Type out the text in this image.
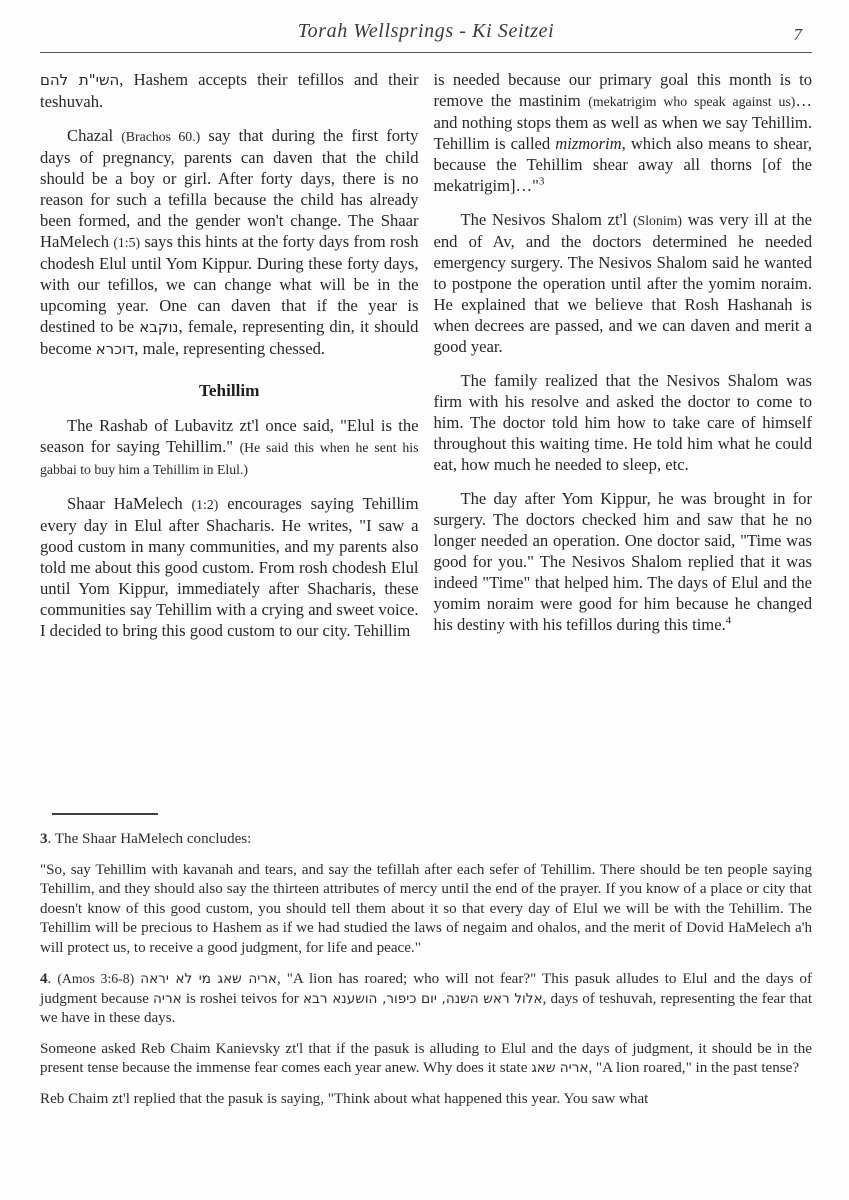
Torah Wellsprings - Ki Seitzei	7

השי"ת להם, Hashem accepts their tefillos and their teshuvah.

Chazal (Brachos 60.) say that during the first forty days of pregnancy, parents can daven that the child should be a boy or girl. After forty days, there is no reason for such a tefilla because the child has already been formed, and the gender won't change. The Shaar HaMelech (1:5) says this hints at the forty days from rosh chodesh Elul until Yom Kippur. During these forty days, with our tefillos, we can change what will be in the upcoming year. One can daven that if the year is destined to be נוקבא, female, representing din, it should become דוכרא, male, representing chessed.

Tehillim

The Rashab of Lubavitz zt'l once said, "Elul is the season for saying Tehillim." (He said this when he sent his gabbai to buy him a Tehillim in Elul.)

Shaar HaMelech (1:2) encourages saying Tehillim every day in Elul after Shacharis. He writes, "I saw a good custom in many communities, and my parents also told me about this good custom. From rosh chodesh Elul until Yom Kippur, immediately after Shacharis, these communities say Tehillim with a crying and sweet voice. I decided to bring this good custom to our city. Tehillim

is needed because our primary goal this month is to remove the mastinim (mekatrigim who speak against us)… and nothing stops them as well as when we say Tehillim. Tehillim is called mizmorim, which also means to shear, because the Tehillim shear away all thorns [of the mekatrigim]…"$^3$

The Nesivos Shalom zt'l (Slonim) was very ill at the end of Av, and the doctors determined he needed emergency surgery. The Nesivos Shalom said he wanted to postpone the operation until after the yomim noraim. He explained that we believe that Rosh Hashanah is when decrees are passed, and we can daven and merit a good year.

The family realized that the Nesivos Shalom was firm with his resolve and asked the doctor to come to him. The doctor told him how to take care of himself throughout this waiting time. He told him what he could eat, how much he needed to sleep, etc.

The day after Yom Kippur, he was brought in for surgery. The doctors checked him and saw that he no longer needed an operation. One doctor said, "Time was good for you." The Nesivos Shalom replied that it was indeed "Time" that helped him. The days of Elul and the yomim noraim were good for him because he changed his destiny with his tefillos during this time.$^4$

3. The Shaar HaMelech concludes:

"So, say Tehillim with kavanah and tears, and say the tefillah after each sefer of Tehillim. There should be ten people saying Tehillim, and they should also say the thirteen attributes of mercy until the end of the prayer. If you know of a place or city that doesn't know of this good custom, you should tell them about it so that every day of Elul we will be with the Tehillim. The Tehillim will be precious to Hashem as if we had studied the laws of negaim and ohalos, and the merit of Dovid HaMelech a'h will protect us, to receive a good judgment, for life and peace."

4. (Amos 3:6-8) אריה שאג מי לא יראה, "A lion has roared; who will not fear?" This pasuk alludes to Elul and the days of judgment because אריה is roshei teivos for אלול ראש השנה, יום כיפור, הושענא רבא, days of teshuvah, representing the fear that we have in these days.

Someone asked Reb Chaim Kanievsky zt'l that if the pasuk is alluding to Elul and the days of judgment, it should be in the present tense because the immense fear comes each year anew. Why does it state אריה שאג, "A lion roared," in the past tense?

Reb Chaim zt'l replied that the pasuk is saying, "Think about what happened this year. You saw what
